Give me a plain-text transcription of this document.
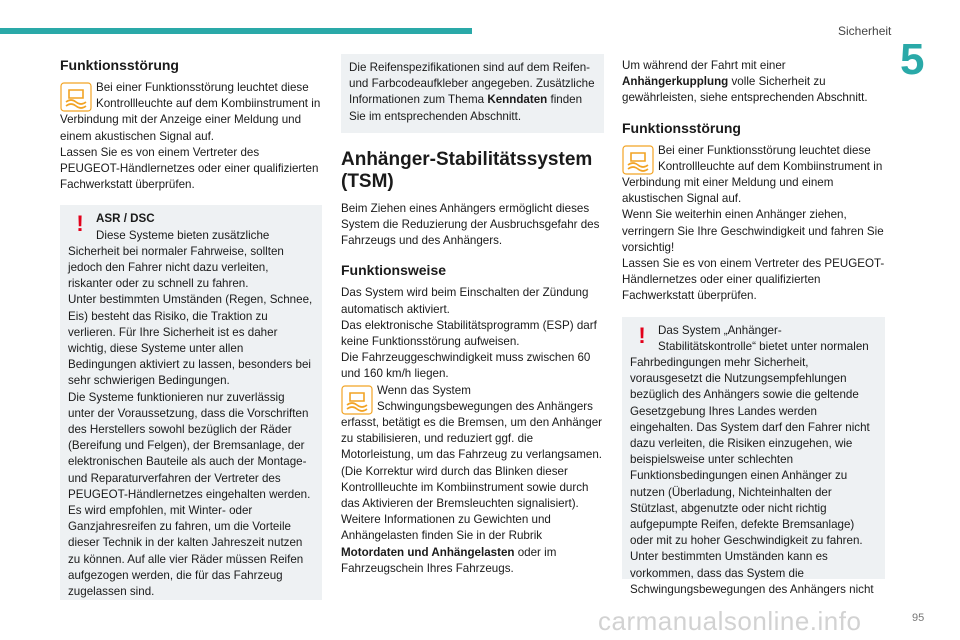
Sicherheit
5
Funktionsstörung

Bei einer Funktionsstörung leuchtet diese Kontrollleuchte auf dem Kombiinstrument in Verbindung mit der Anzeige einer Meldung und einem akustischen Signal auf.

Lassen Sie es von einem Vertreter des PEUGEOT-Händlernetzes oder einer qualifizierten Fachwerkstatt überprüfen.

!	ASR / DSC

Diese Systeme bieten zusätzliche Sicherheit bei normaler Fahrweise, sollten jedoch den Fahrer nicht dazu verleiten, riskanter oder zu schnell zu fahren.

Unter bestimmten Umständen (Regen, Schnee, Eis) besteht das Risiko, die Traktion zu verlieren. Für Ihre Sicherheit ist es daher wichtig, diese Systeme unter allen Bedingungen aktiviert zu lassen, besonders bei sehr schwierigen Bedingungen.

Die Systeme funktionieren nur zuverlässig unter der Voraussetzung, dass die Vorschriften des Herstellers sowohl bezüglich der Räder (Bereifung und Felgen), der Bremsanlage, der elektronischen Bauteile als auch der Montage- und Reparaturverfahren der Vertreter des PEUGEOT-Händlernetzes eingehalten werden.

Es wird empfohlen, mit Winter- oder Ganzjahresreifen zu fahren, um die Vorteile dieser Technik in der kalten Jahreszeit nutzen zu können. Auf alle vier Räder müssen Reifen aufgezogen werden, die für das Fahrzeug zugelassen sind.

Die Reifenspezifikationen sind auf dem Reifen- und Farbcodeaufkleber angegeben. Zusätzliche Informationen zum Thema Kenndaten finden Sie im entsprechenden Abschnitt.

Anhänger-Stabilitätssystem (TSM)

Beim Ziehen eines Anhängers ermöglicht dieses System die Reduzierung der Ausbruchsgefahr des Fahrzeugs und des Anhängers.

Funktionsweise

Das System wird beim Einschalten der Zündung automatisch aktiviert.

Das elektronische Stabilitätsprogramm (ESP) darf keine Funktionsstörung aufweisen.

Die Fahrzeuggeschwindigkeit muss zwischen 60 und 160 km/h liegen.

Wenn das System Schwingungsbewegungen des Anhängers erfasst, betätigt es die Bremsen, um den Anhänger zu stabilisieren, und reduziert ggf. die Motorleistung, um das Fahrzeug zu verlangsamen. (Die Korrektur wird durch das Blinken dieser Kontrollleuchte im Kombiinstrument sowie durch das Aktivieren der Bremsleuchten signalisiert).

Weitere Informationen zu Gewichten und Anhängelasten finden Sie in der Rubrik Motordaten und Anhängelasten oder im Fahrzeugschein Ihres Fahrzeugs.

Um während der Fahrt mit einer Anhängerkupplung volle Sicherheit zu gewährleisten, siehe entsprechenden Abschnitt.

Funktionsstörung

Bei einer Funktionsstörung leuchtet diese Kontrollleuchte auf dem Kombiinstrument in Verbindung mit einer Meldung und einem akustischen Signal auf.

Wenn Sie weiterhin einen Anhänger ziehen, verringern Sie Ihre Geschwindigkeit und fahren Sie vorsichtig!

Lassen Sie es von einem Vertreter des PEUGEOT-Händlernetzes oder einer qualifizierten Fachwerkstatt überprüfen.

!	Das System „Anhänger-Stabilitätskontrolle“ bietet unter normalen Fahrbedingungen mehr Sicherheit, vorausgesetzt die Nutzungsempfehlungen bezüglich des Anhängers sowie die geltende Gesetzgebung Ihres Landes werden eingehalten. Das System darf den Fahrer nicht dazu verleiten, die Risiken einzugehen, wie beispielsweise unter schlechten Funktionsbedingungen einen Anhänger zu nutzen (Überladung, Nichteinhalten der Stützlast, abgenutzte oder nicht richtig aufgepumpte Reifen, defekte Bremsanlage) oder mit zu hoher Geschwindigkeit zu fahren.

Unter bestimmten Umständen kann es vorkommen, dass das System die Schwingungsbewegungen des Anhängers nicht

carmanualsonline.info	95
